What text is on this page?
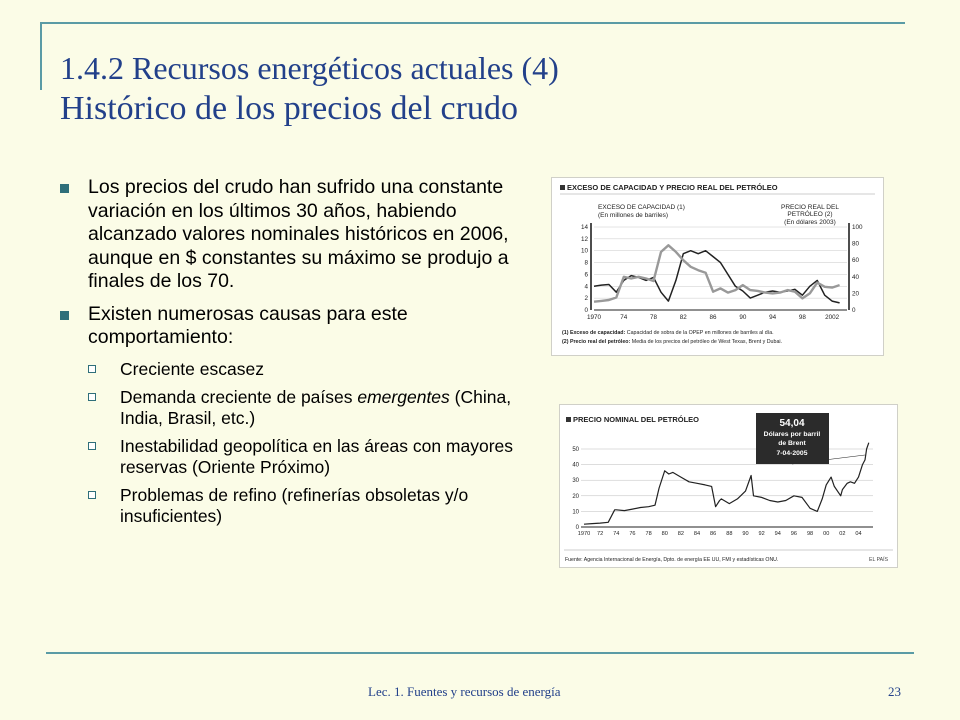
1.4.2 Recursos energéticos actuales (4)
Histórico de los precios del crudo
Los precios del crudo han sufrido una constante variación en los últimos 30 años, habiendo alcanzado valores nominales históricos en 2006, aunque en $ constantes su máximo se produjo a finales de los 70.
Existen numerosas causas para este comportamiento:
Creciente escasez
Demanda creciente de países emergentes (China, India, Brasil, etc.)
Inestabilidad geopolítica en las áreas con mayores reservas (Oriente Próximo)
Problemas de refino (refinerías obsoletas y/o insuficientes)
EXCESO DE CAPACIDAD Y PRECIO REAL DEL PETRÓLEO
EXCESO DE CAPACIDAD (1)
(En millones de barriles)
PRECIO REAL DEL
PETRÓLEO (2)
(En dólares 2003)
14
12
10
8
6
4
2
0
100
80
60
40
20
0
1970	74	78	82	86	90	94	98	2002
(1) Exceso de capacidad: Capacidad de sobra de la OPEP en millones de barriles al día.
(2) Precio real del petróleo: Media de los precios del petróleo de West Texas, Brent y Dubai.
PRECIO NOMINAL DEL PETRÓLEO
50
40
30
20
10
0
1970 72 74 76 78 80 82 84 86 88 90 92 94 96 98 00 02 04
54,04
Dólares por barril
de Brent
7-04-2005
Fuente: Agencia Internacional de Energía, Dpto. de energía EE UU, FMI y estadísticas ONU.	EL PAÍS
Lec. 1. Fuentes y recursos de energía	23
